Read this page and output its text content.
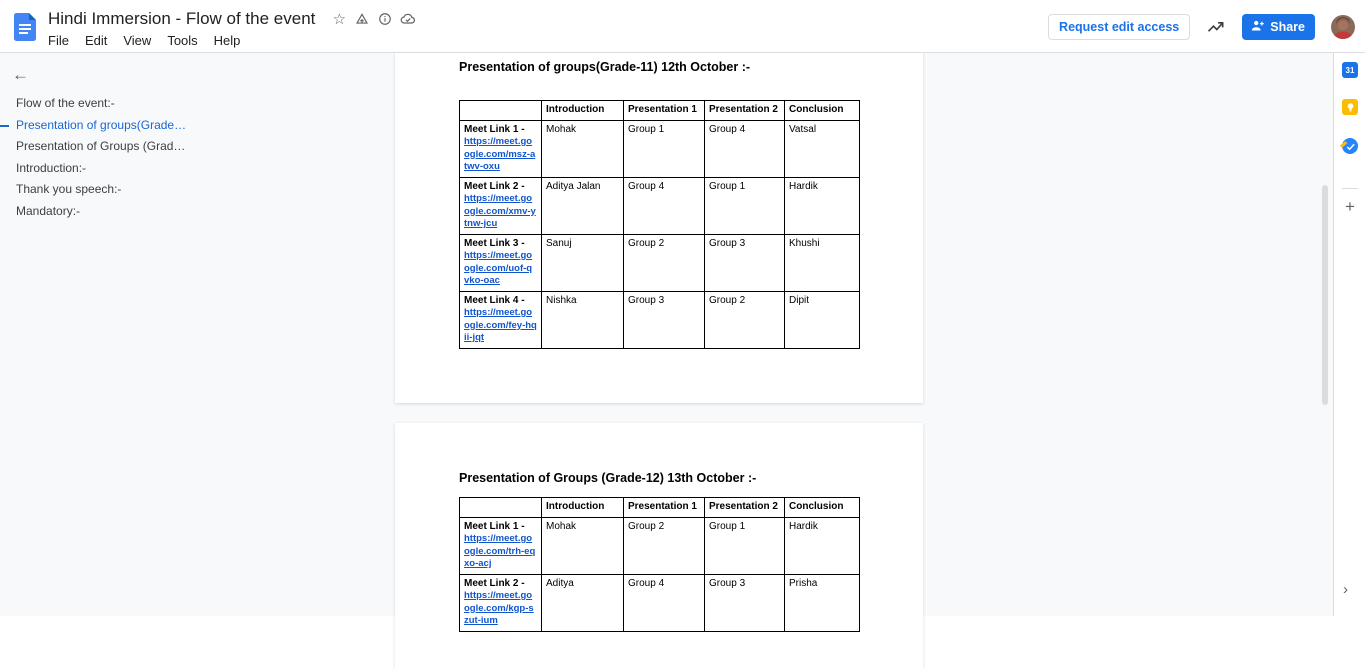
Hindi Immersion - Flow of the event ☆
File	Edit	View	Tools	Help
Request edit access	Share
←
Flow of the event:-
Presentation of groups(Grade…
Presentation of Groups (Grad…
Introduction:-
Thank you speech:-
Mandatory:-
Presentation of groups(Grade-11) 12th October :-
	Introduction	Presentation 1	Presentation 2	Conclusion

Meet Link 1 -
https://meet.google.com/msz-atwv-oxu	Mohak	Group 1	Group 4	Vatsal

Meet Link 2 -
https://meet.google.com/xmv-ytnw-jcu	Aditya Jalan	Group 4	Group 1	Hardik

Meet Link 3 -
https://meet.google.com/uof-qvko-oac	Sanuj	Group 2	Group 3	Khushi

Meet Link 4 -
https://meet.google.com/fey-hqii-jqt	Nishka	Group 3	Group 2	Dipit
Presentation of Groups (Grade-12) 13th October :-
	Introduction	Presentation 1	Presentation 2	Conclusion

Meet Link 1 -
https://meet.google.com/trh-eqxo-acj	Mohak	Group 2	Group 1	Hardik

Meet Link 2 -
https://meet.google.com/kgp-szut-ium	Aditya	Group 4	Group 3	Prisha
31
+
›
